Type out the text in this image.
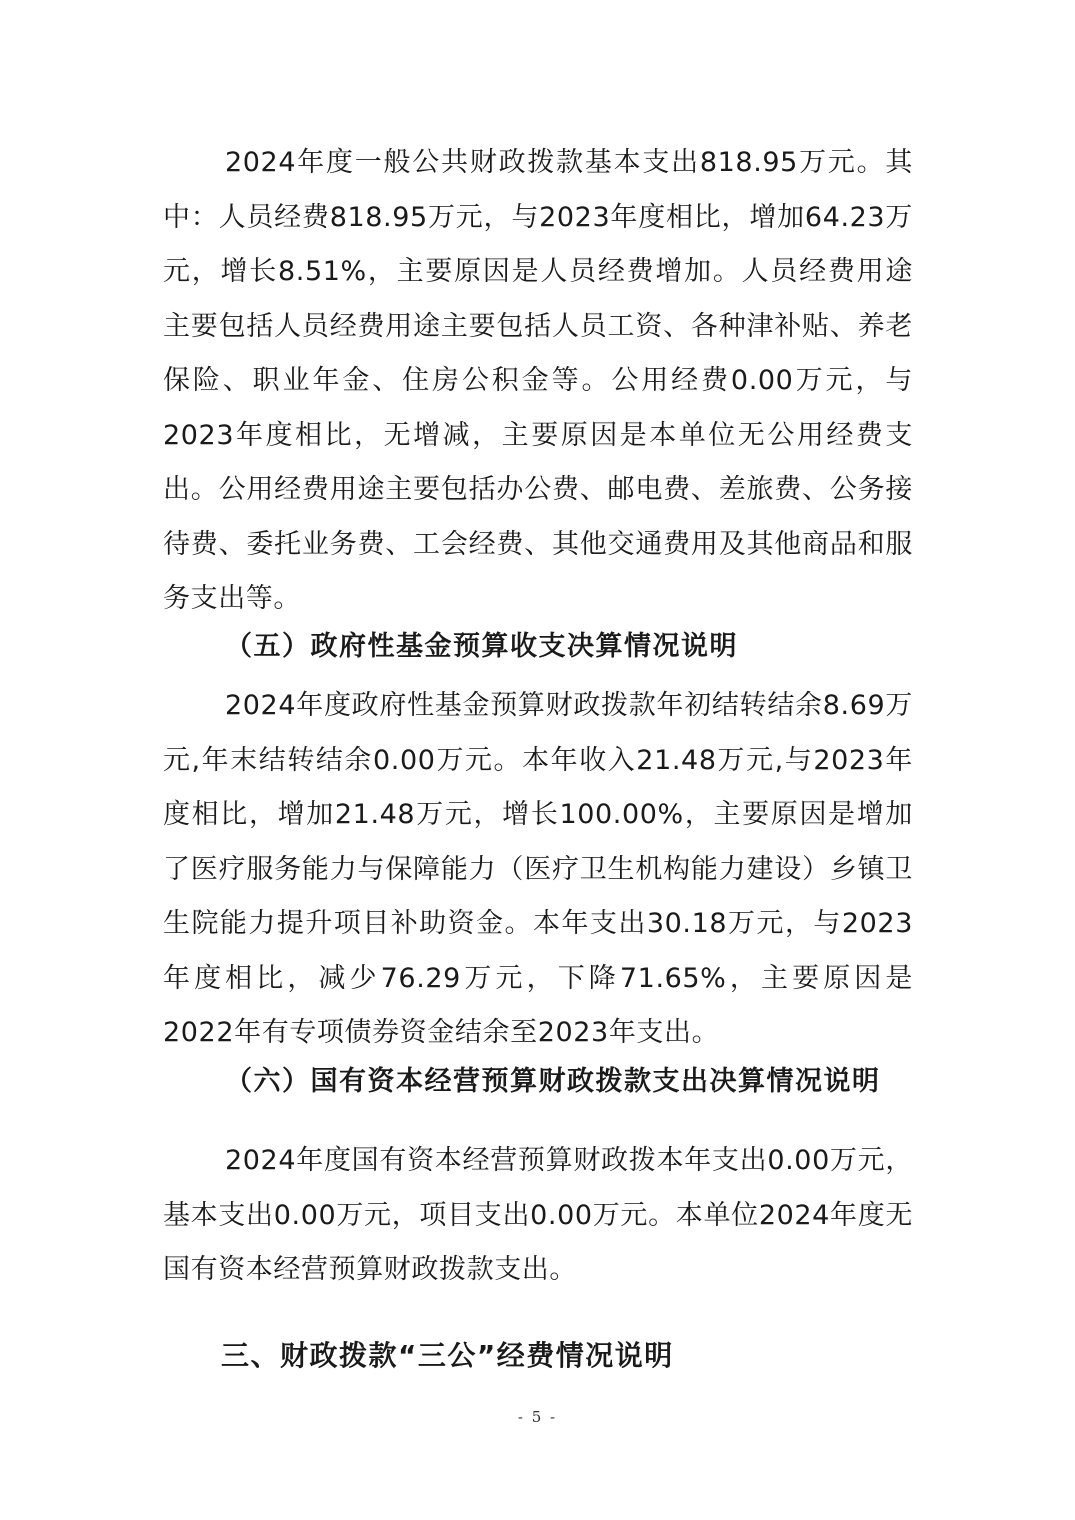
2024年度一般公共财政拨款基本支出818.95万元。其中：人员经费818.95万元，与2023年度相比，增加64.23万元，增长8.51%，主要原因是人员经费增加。人员经费用途主要包括人员经费用途主要包括人员工资、各种津补贴、养老保险、职业年金、住房公积金等。公用经费0.00万元，与2023年度相比，无增减，主要原因是本单位无公用经费支出。公用经费用途主要包括办公费、邮电费、差旅费、公务接待费、委托业务费、工会经费、其他交通费用及其他商品和服务支出等。

（五）政府性基金预算收支决算情况说明

2024年度政府性基金预算财政拨款年初结转结余8.69万元,年末结转结余0.00万元。本年收入21.48万元,与2023年度相比，增加21.48万元，增长100.00%，主要原因是增加了医疗服务能力与保障能力（医疗卫生机构能力建设）乡镇卫生院能力提升项目补助资金。本年支出30.18万元，与2023年度相比，减少76.29万元，下降71.65%，主要原因是2022年有专项债券资金结余至2023年支出。

（六）国有资本经营预算财政拨款支出决算情况说明

2024年度国有资本经营预算财政拨本年支出0.00万元，基本支出0.00万元，项目支出0.00万元。本单位2024年度无国有资本经营预算财政拨款支出。

三、财政拨款“三公”经费情况说明

- 5 -
